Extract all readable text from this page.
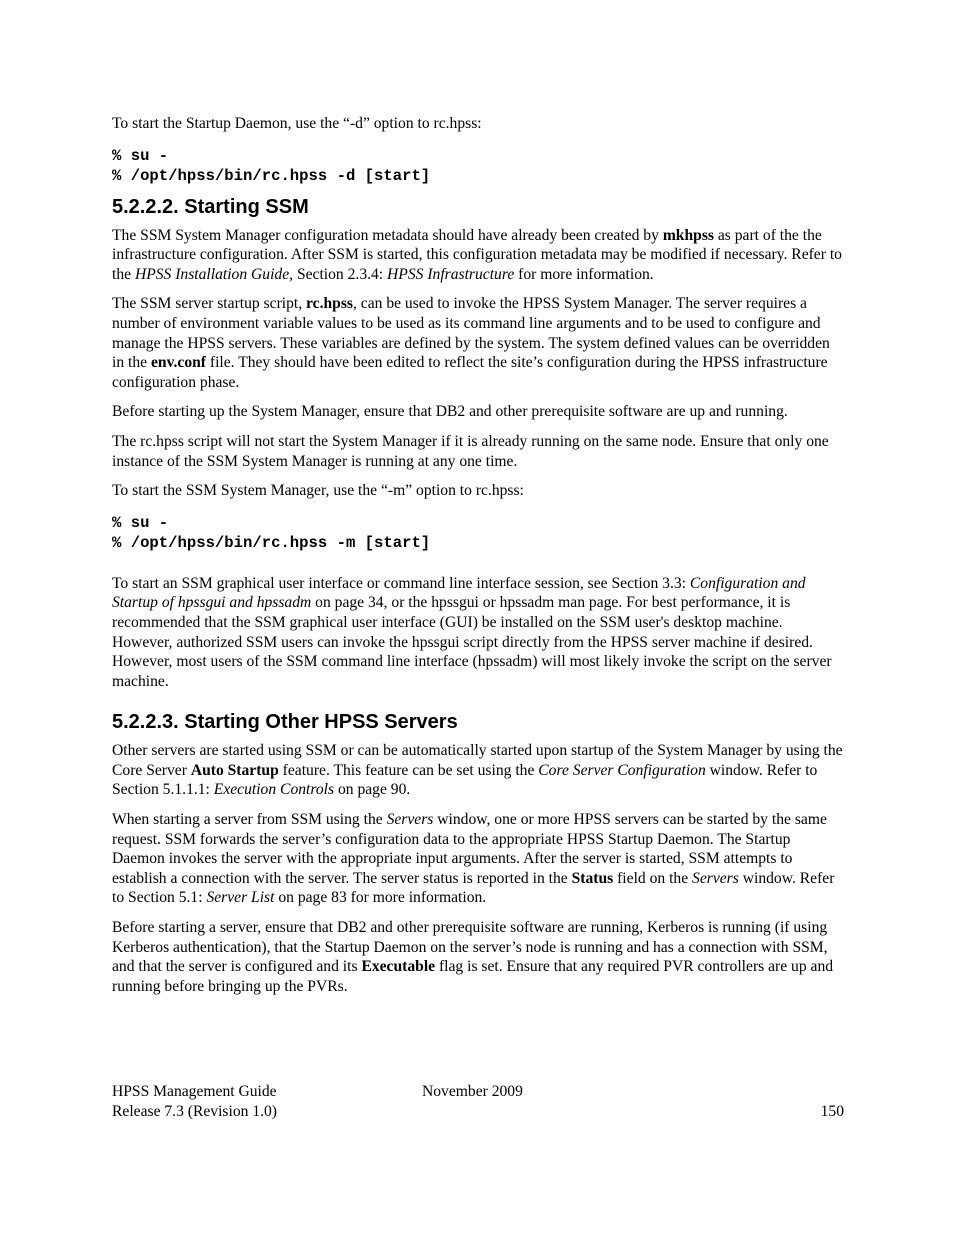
To start the Startup Daemon, use the “-d” option to rc.hpss:

% su -
% /opt/hpss/bin/rc.hpss -d [start]
5.2.2.2. Starting SSM

The SSM System Manager configuration metadata should have already been created by mkhpss as part of the the infrastructure configuration. After SSM is started, this configuration metadata may be modified if necessary. Refer to the HPSS Installation Guide, Section 2.3.4: HPSS Infrastructure for more information.

The SSM server startup script, rc.hpss, can be used to invoke the HPSS System Manager. The server requires a number of environment variable values to be used as its command line arguments and to be used to configure and manage the HPSS servers. These variables are defined by the system. The system defined values can be overridden in the env.conf file. They should have been edited to reflect the site’s configuration during the HPSS infrastructure configuration phase.

Before starting up the System Manager, ensure that DB2 and other prerequisite software are up and running.

The rc.hpss script will not start the System Manager if it is already running on the same node. Ensure that only one instance of the SSM System Manager is running at any one time.

To start the SSM System Manager, use the “-m” option to rc.hpss:

% su -
% /opt/hpss/bin/rc.hpss -m [start]

To start an SSM graphical user interface or command line interface session, see Section 3.3: Configuration and Startup of hpssgui and hpssadm on page 34, or the hpssgui or hpssadm man page. For best performance, it is recommended that the SSM graphical user interface (GUI) be installed on the SSM user's desktop machine. However, authorized SSM users can invoke the hpssgui script directly from the HPSS server machine if desired. However, most users of the SSM command line interface (hpssadm) will most likely invoke the script on the server machine.

5.2.2.3. Starting Other HPSS Servers

Other servers are started using SSM or can be automatically started upon startup of the System Manager by using the Core Server Auto Startup feature. This feature can be set using the Core Server Configuration window. Refer to Section 5.1.1.1: Execution Controls on page 90.

When starting a server from SSM using the Servers window, one or more HPSS servers can be started by the same request. SSM forwards the server’s configuration data to the appropriate HPSS Startup Daemon. The Startup Daemon invokes the server with the appropriate input arguments. After the server is started, SSM attempts to establish a connection with the server. The server status is reported in the Status field on the Servers window. Refer to Section 5.1: Server List on page 83 for more information.

Before starting a server, ensure that DB2 and other prerequisite software are running, Kerberos is running (if using Kerberos authentication), that the Startup Daemon on the server’s node is running and has a connection with SSM, and that the server is configured and its Executable flag is set. Ensure that any required PVR controllers are up and running before bringing up the PVRs.

HPSS Management Guide	November 2009
Release 7.3 (Revision 1.0)	150
